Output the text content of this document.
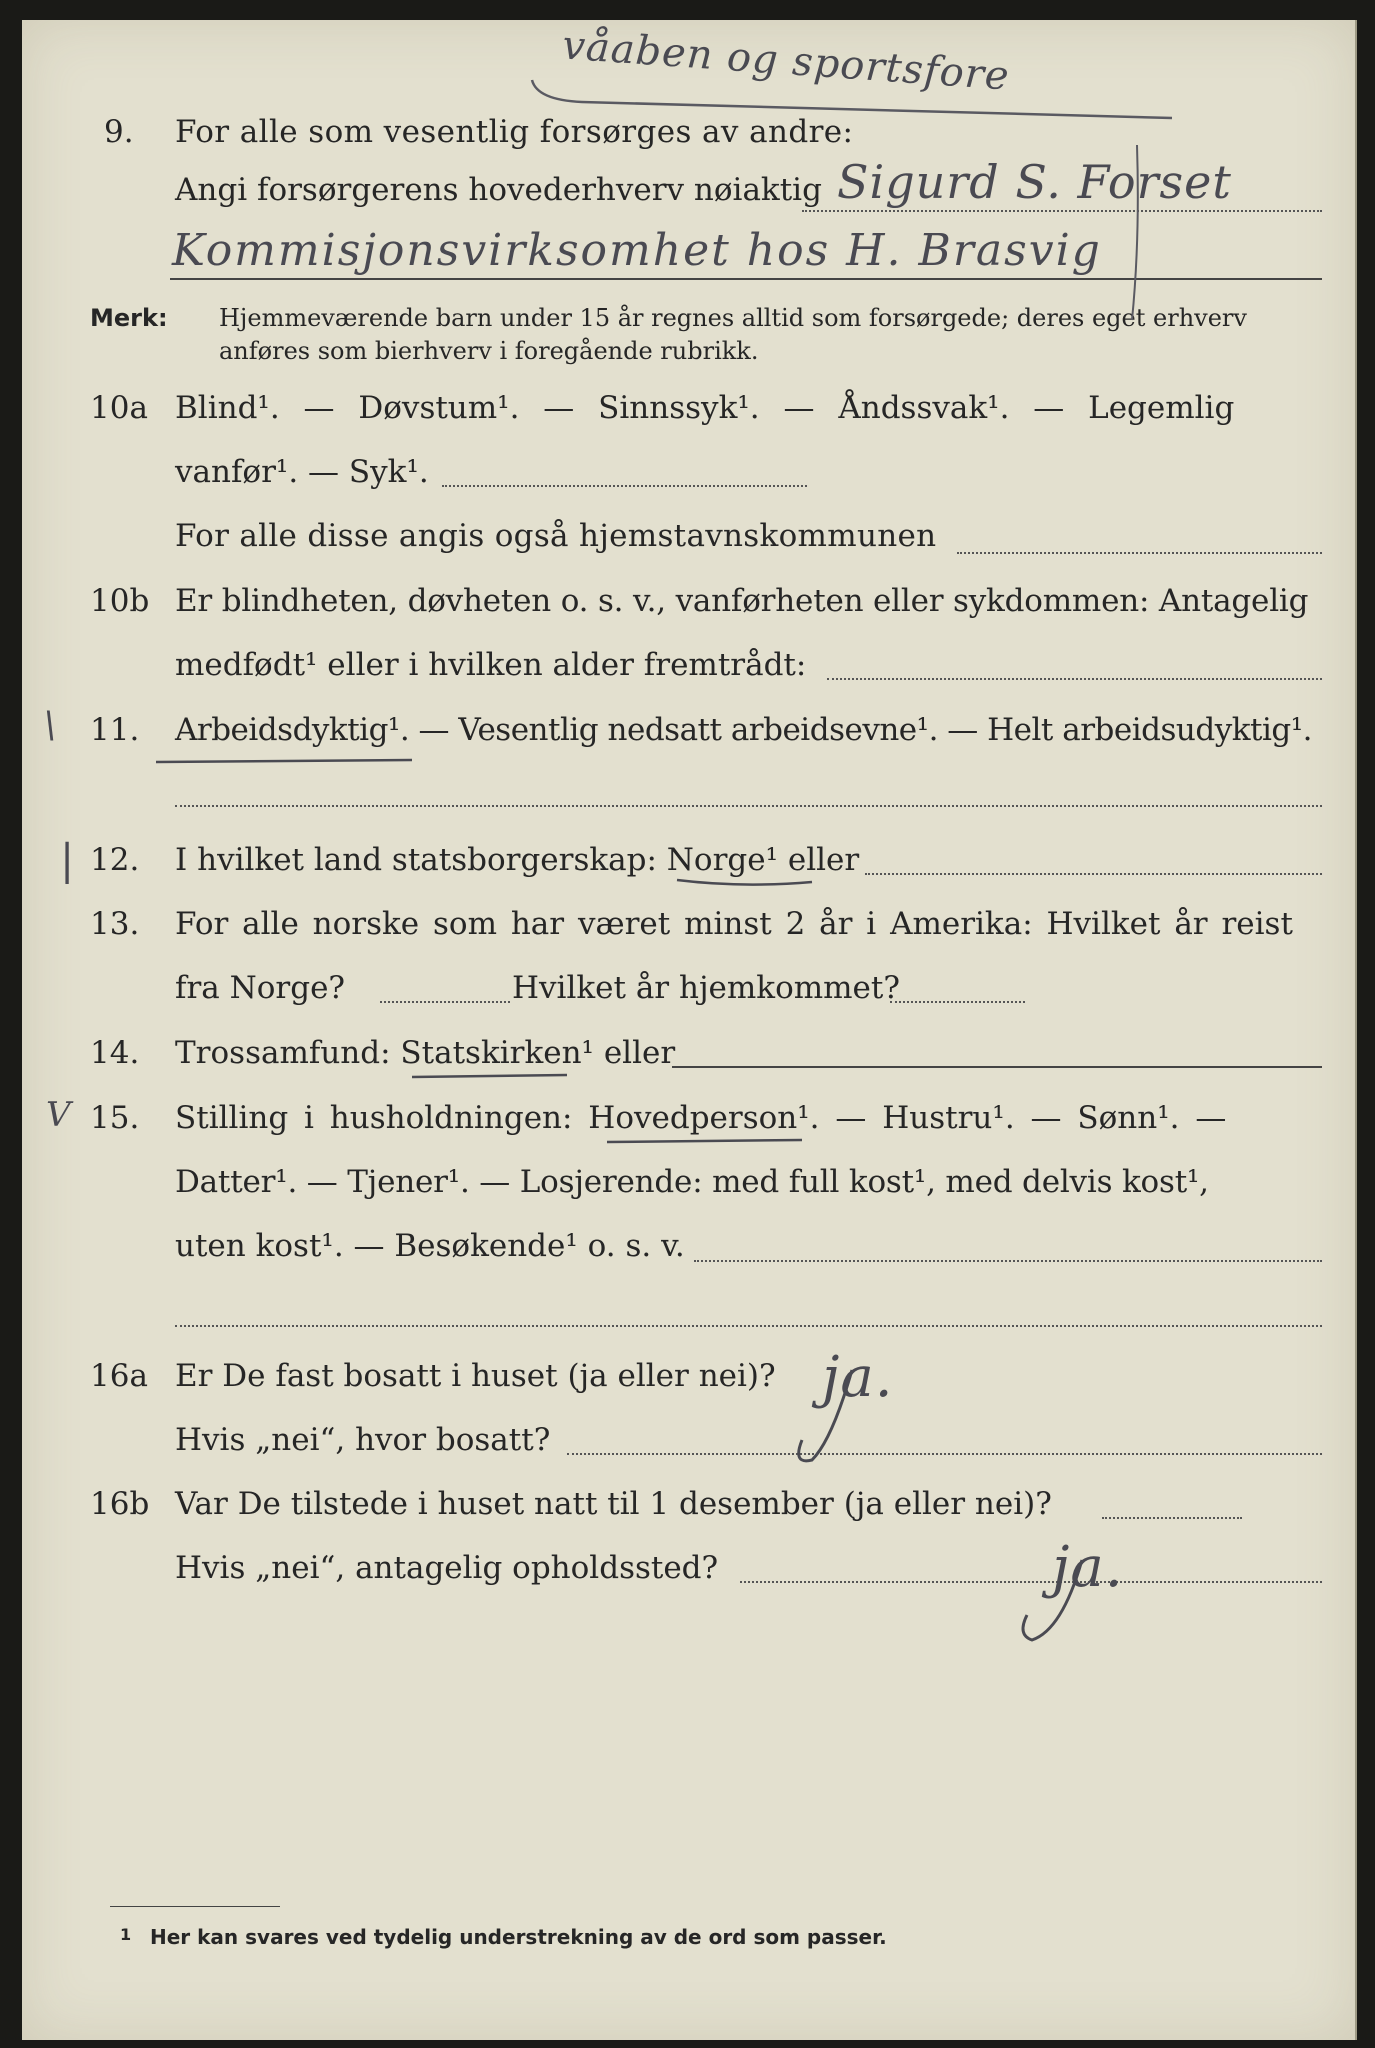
våaben og sportsfore
9. For alle som vesentlig forsørges av andre:
Angi forsørgerens hovederhverv nøiaktig Sigurd S. Forset
Kommisjonsvirksomhet hos H. Brasvig
Merk: Hjemmeværende barn under 15 år regnes alltid som forsørgede; deres eget erhverv
anføres som bierhverv i foregående rubrikk.
10a Blind¹. — Døvstum¹. — Sinnssyk¹. — Åndssvak¹. — Legemlig
vanfør¹. — Syk¹.
For alle disse angis også hjemstavnskommunen
10b Er blindheten, døvheten o. s. v., vanførheten eller sykdommen: Antagelig
medfødt¹ eller i hvilken alder fremtrådt:
\ 11. Arbeidsdyktig¹. — Vesentlig nedsatt arbeidsevne¹. — Helt arbeidsudyktig¹.
| 12. I hvilket land statsborgerskap: Norge¹ eller
13. For alle norske som har været minst 2 år i Amerika: Hvilket år reist
fra Norge?	Hvilket år hjemkommet?
14. Trossamfund: Statskirken¹ eller
V 15. Stilling i husholdningen: Hovedperson¹. — Hustru¹. — Sønn¹. —
Datter¹. — Tjener¹. — Losjerende: med full kost¹, med delvis kost¹,
uten kost¹. — Besøkende¹ o. s. v.
16a Er De fast bosatt i huset (ja eller nei)? ja.
Hvis „nei“, hvor bosatt?
16b Var De tilstede i huset natt til 1 desember (ja eller nei)?
Hvis „nei“, antagelig opholdssted?	ja.
1 Her kan svares ved tydelig understrekning av de ord som passer.
